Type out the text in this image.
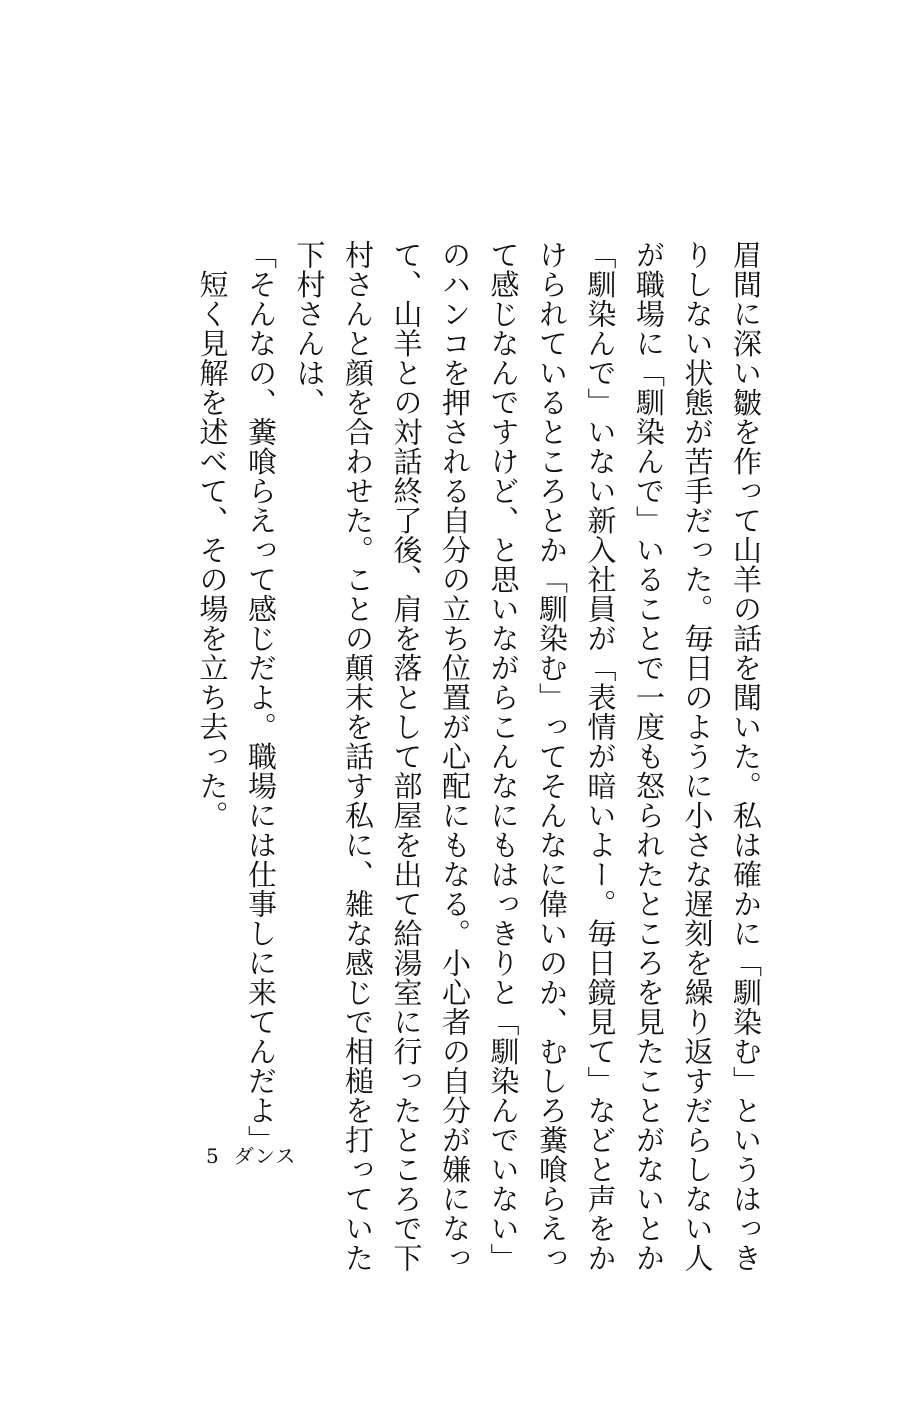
眉間に深い皺を作って山羊の話を聞いた。私は確かに「馴染む」というはっき

りしない状態が苦手だった。毎日のように小さな遅刻を繰り返すだらしない人

が職場に「馴染んで」いることで一度も怒られたところを見たことがないとか

「馴染んで」いない新入社員が「表情が暗いよー。毎日鏡見て」などと声をか

けられているところとか「馴染む」ってそんなに偉いのか、むしろ糞喰らえっ

て感じなんですけど、と思いながらこんなにもはっきりと「馴染んでいない」

のハンコを押される自分の立ち位置が心配にもなる。小心者の自分が嫌になっ

て、山羊との対話終了後、肩を落として部屋を出て給湯室に行ったところで下

村さんと顔を合わせた。ことの顛末を話す私に、雑な感じで相槌を打っていた

下村さんは、

「そんなの、糞喰らえって感じだよ。職場には仕事しに来てんだよ」

　短く見解を述べて、その場を立ち去った。

5 ダンス
